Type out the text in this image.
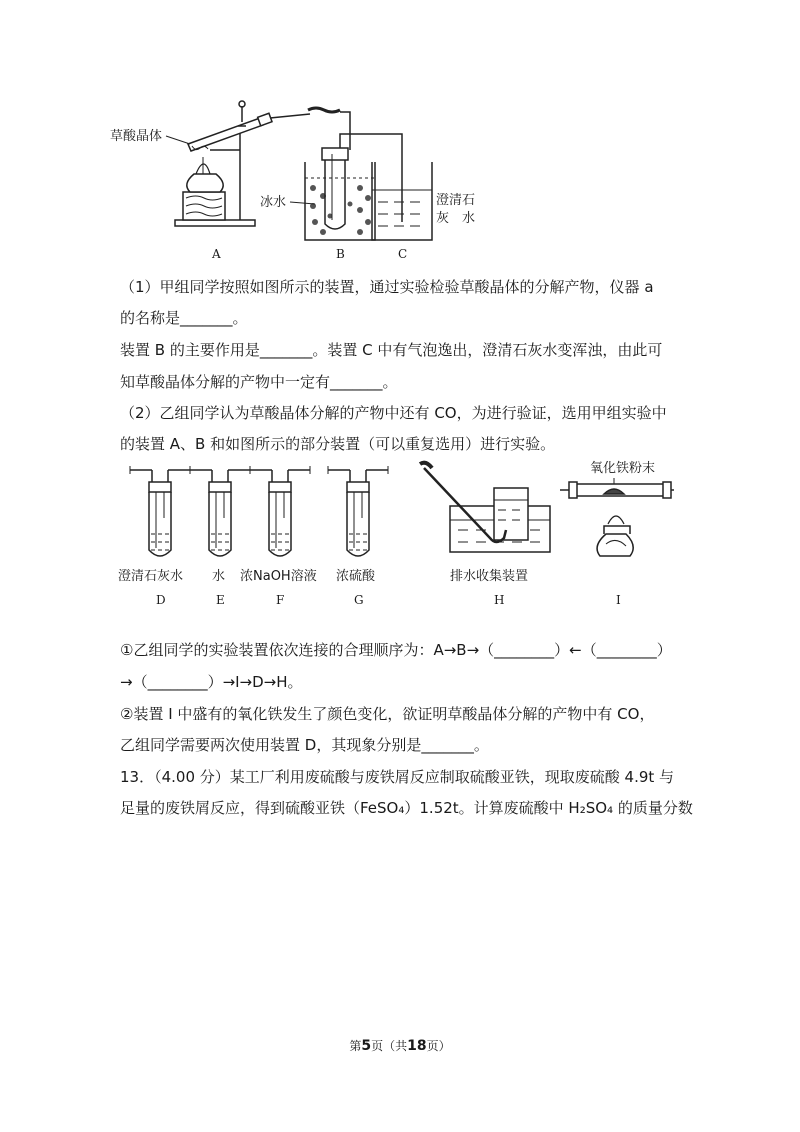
草酸晶体
冰水	澄清石
灰　水
A	B	C
（1）甲组同学按照如图所示的装置，通过实验检验草酸晶体的分解产物，仪器 a
的名称是_______。
装置 B 的主要作用是_______。装置 C 中有气泡逸出，澄清石灰水变浑浊，由此可
知草酸晶体分解的产物中一定有_______。
（2）乙组同学认为草酸晶体分解的产物中还有 CO，为进行验证，选用甲组实验中
的装置 A、B 和如图所示的部分装置（可以重复选用）进行实验。
澄清石灰水 水 浓NaOH溶液 浓硫酸	排水收集装置
氧化铁粉末
D	E	F	G	H	I
①乙组同学的实验装置依次连接的合理顺序为：A→B→（________）←（________）
→（________）→I→D→H。
②装置 I 中盛有的氧化铁发生了颜色变化，欲证明草酸晶体分解的产物中有 CO，
乙组同学需要两次使用装置 D，其现象分别是_______。
13．（4.00 分）某工厂利用废硫酸与废铁屑反应制取硫酸亚铁，现取废硫酸 4.9t 与
足量的废铁屑反应，得到硫酸亚铁（FeSO₄）1.52t。计算废硫酸中 H₂SO₄ 的质量分数
第5页（共18页）
